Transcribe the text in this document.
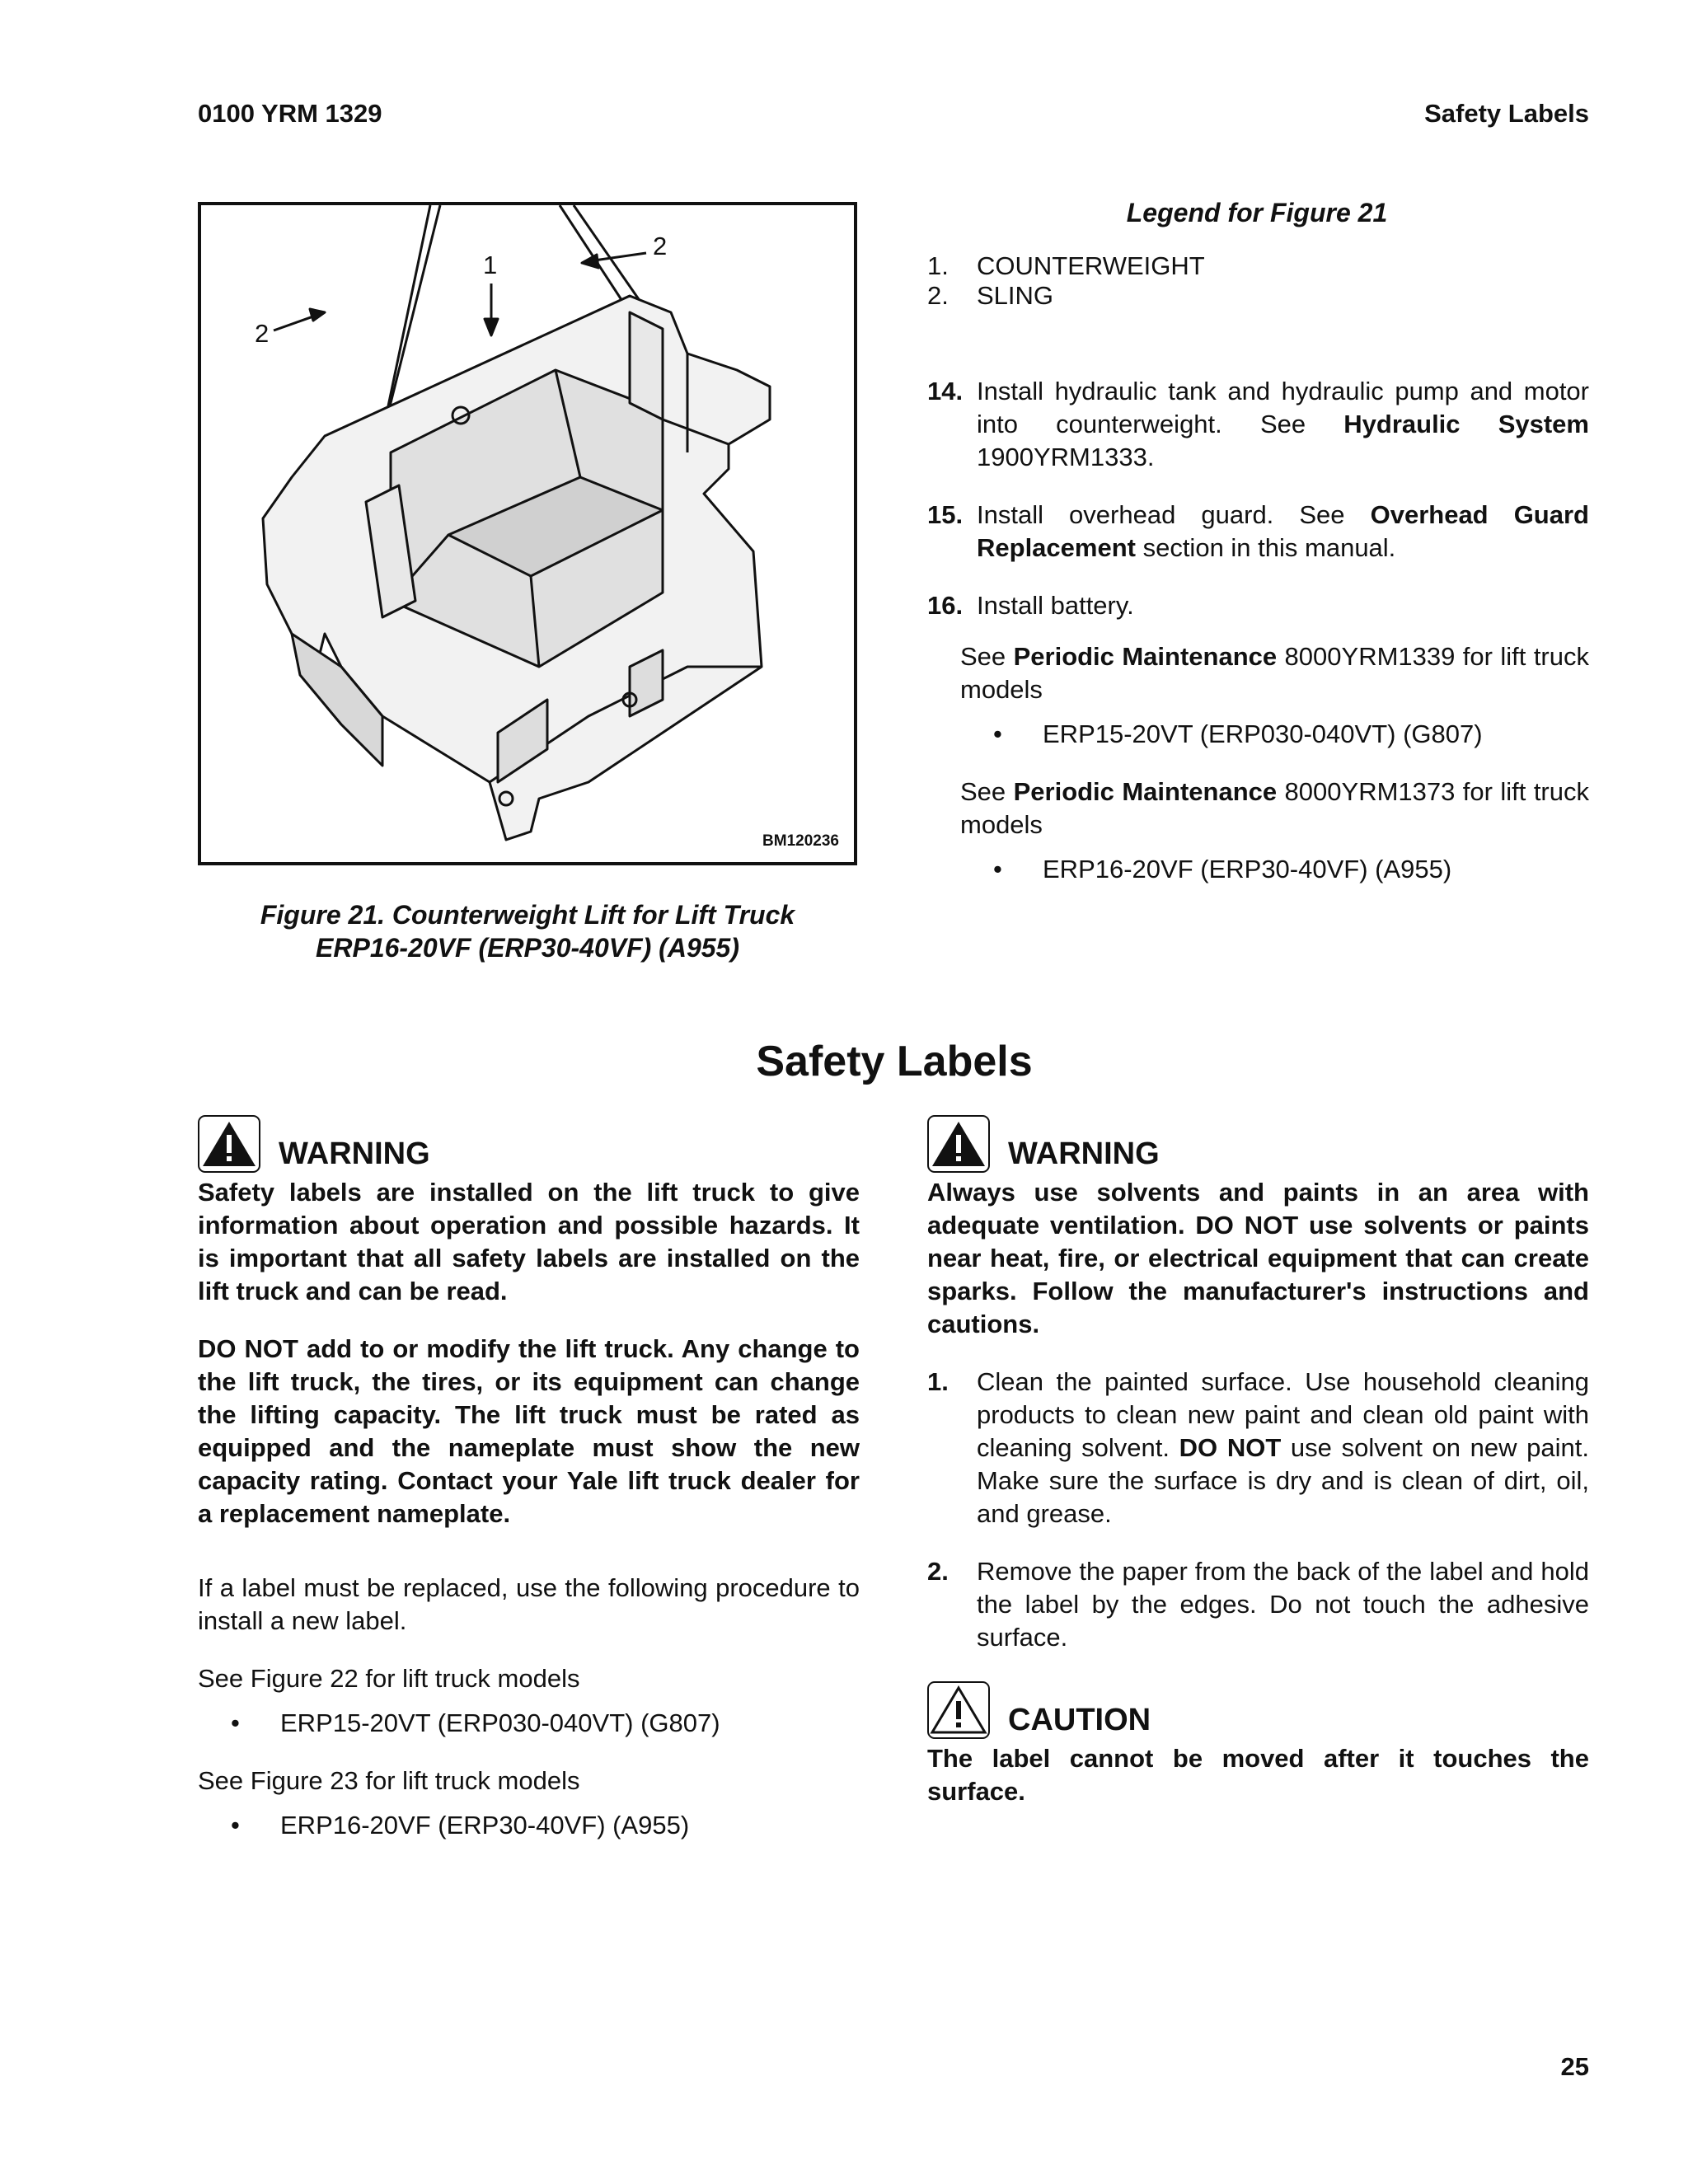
0100 YRM 1329	Safety Labels
2
1
2
BM120236
Figure 21. Counterweight Lift for Lift Truck
ERP16-20VF (ERP30-40VF) (A955)
Legend for Figure 21
1. COUNTERWEIGHT
2. SLING
14. Install hydraulic tank and hydraulic pump and motor into counterweight. See Hydraulic System 1900YRM1333.
15. Install overhead guard. See Overhead Guard Replacement section in this manual.
16. Install battery.
See Periodic Maintenance 8000YRM1339 for lift truck models
• ERP15-20VT (ERP030-040VT) (G807)
See Periodic Maintenance 8000YRM1373 for lift truck models
• ERP16-20VF (ERP30-40VF) (A955)
Safety Labels
WARNING
Safety labels are installed on the lift truck to give information about operation and possible hazards. It is important that all safety labels are installed on the lift truck and can be read.
DO NOT add to or modify the lift truck. Any change to the lift truck, the tires, or its equipment can change the lifting capacity. The lift truck must be rated as equipped and the nameplate must show the new capacity rating. Contact your Yale lift truck dealer for a replacement nameplate.
If a label must be replaced, use the following procedure to install a new label.
See Figure 22 for lift truck models
• ERP15-20VT (ERP030-040VT) (G807)
See Figure 23 for lift truck models
• ERP16-20VF (ERP30-40VF) (A955)
WARNING
Always use solvents and paints in an area with adequate ventilation. DO NOT use solvents or paints near heat, fire, or electrical equipment that can create sparks. Follow the manufacturer's instructions and cautions.
1. Clean the painted surface. Use household cleaning products to clean new paint and clean old paint with cleaning solvent. DO NOT use solvent on new paint. Make sure the surface is dry and is clean of dirt, oil, and grease.
2. Remove the paper from the back of the label and hold the label by the edges. Do not touch the adhesive surface.
CAUTION
The label cannot be moved after it touches the surface.
25
